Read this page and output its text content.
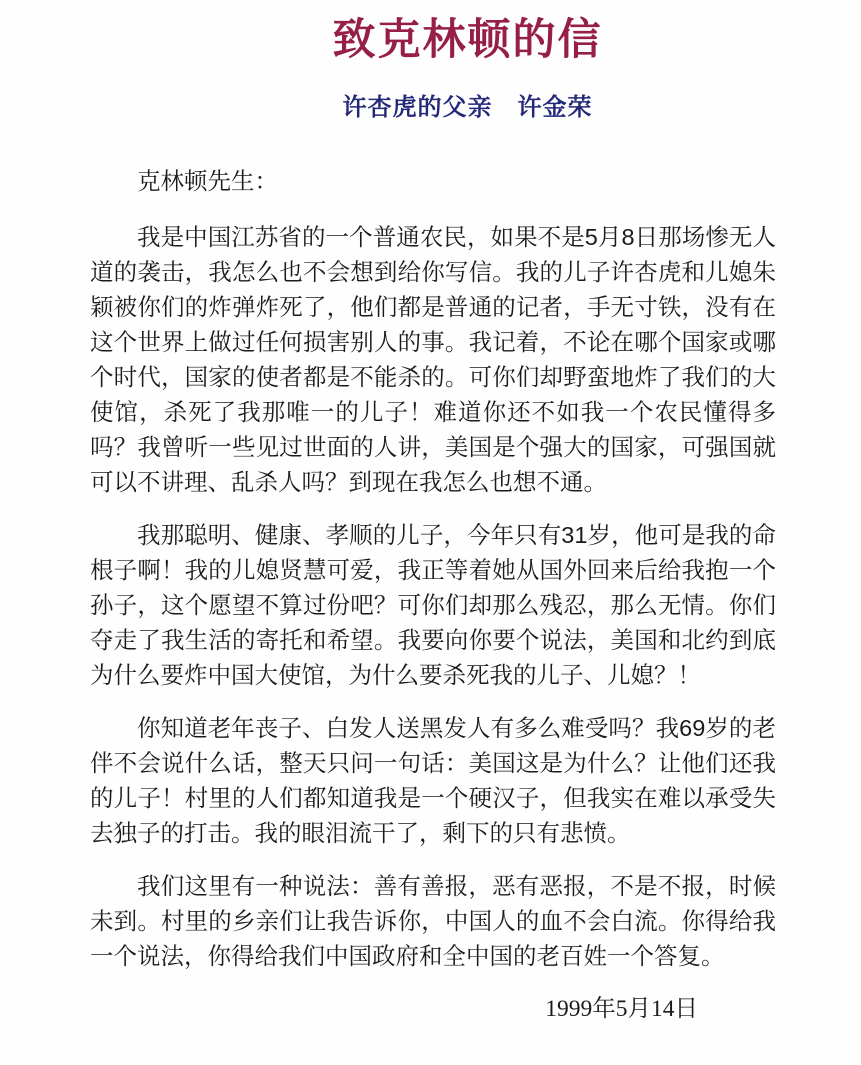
致克林顿的信
许杏虎的父亲　许金荣

克林顿先生：

我是中国江苏省的一个普通农民，如果不是5月8日那场惨无人道的袭击，我怎么也不会想到给你写信。我的儿子许杏虎和儿媳朱颖被你们的炸弹炸死了，他们都是普通的记者，手无寸铁，没有在这个世界上做过任何损害别人的事。我记着，不论在哪个国家或哪个时代，国家的使者都是不能杀的。可你们却野蛮地炸了我们的大使馆，杀死了我那唯一的儿子！难道你还不如我一个农民懂得多吗？我曾听一些见过世面的人讲，美国是个强大的国家，可强国就可以不讲理、乱杀人吗？到现在我怎么也想不通。

我那聪明、健康、孝顺的儿子，今年只有31岁，他可是我的命根子啊！我的儿媳贤慧可爱，我正等着她从国外回来后给我抱一个孙子，这个愿望不算过份吧？可你们却那么残忍，那么无情。你们夺走了我生活的寄托和希望。我要向你要个说法，美国和北约到底为什么要炸中国大使馆，为什么要杀死我的儿子、儿媳？！

你知道老年丧子、白发人送黑发人有多么难受吗？我69岁的老伴不会说什么话，整天只问一句话：美国这是为什么？让他们还我的儿子！村里的人们都知道我是一个硬汉子，但我实在难以承受失去独子的打击。我的眼泪流干了，剩下的只有悲愤。

我们这里有一种说法：善有善报，恶有恶报，不是不报，时候未到。村里的乡亲们让我告诉你，中国人的血不会白流。你得给我一个说法，你得给我们中国政府和全中国的老百姓一个答复。

1999年5月14日
